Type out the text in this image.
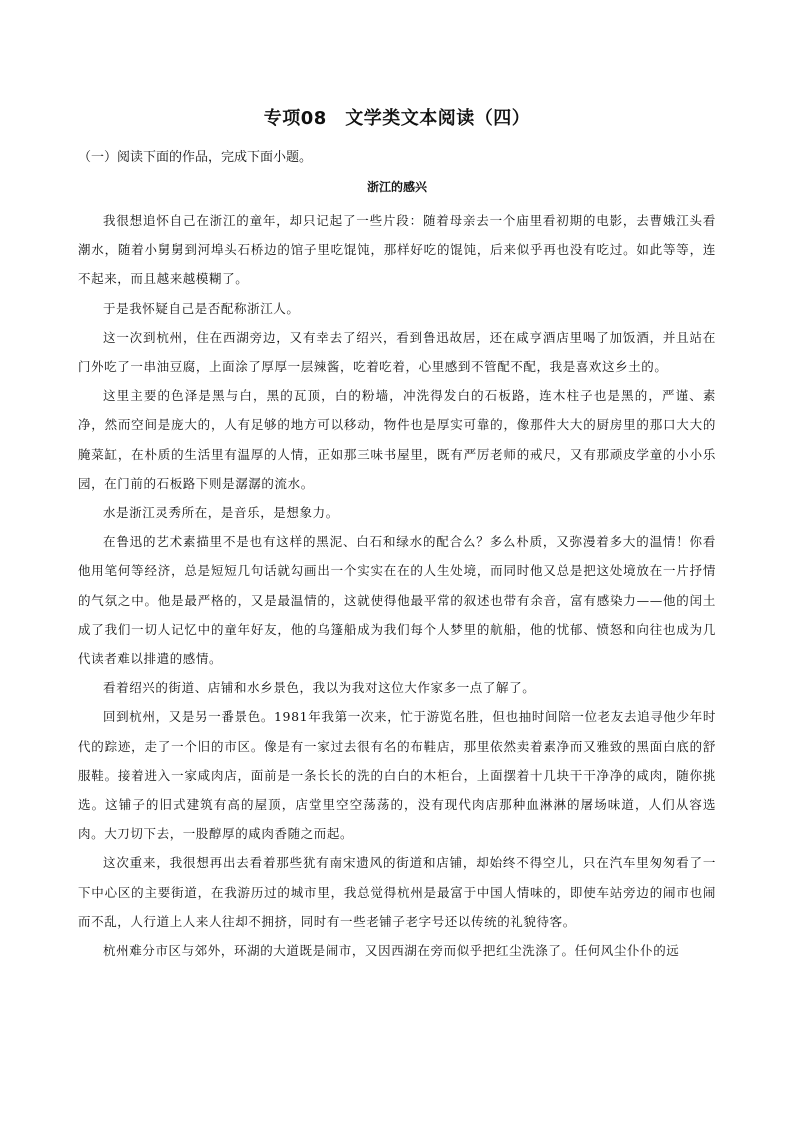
专项08　文学类文本阅读（四）

（一）阅读下面的作品，完成下面小题。

浙江的感兴

我很想追怀自己在浙江的童年，却只记起了一些片段：随着母亲去一个庙里看初期的电影，去曹娥江头看潮水，随着小舅舅到河埠头石桥边的馆子里吃馄饨，那样好吃的馄饨，后来似乎再也没有吃过。如此等等，连不起来，而且越来越模糊了。

于是我怀疑自己是否配称浙江人。

这一次到杭州，住在西湖旁边，又有幸去了绍兴，看到鲁迅故居，还在咸亨酒店里喝了加饭酒，并且站在门外吃了一串油豆腐，上面涂了厚厚一层辣酱，吃着吃着，心里感到不管配不配，我是喜欢这乡土的。

这里主要的色泽是黑与白，黑的瓦顶，白的粉墙，冲洗得发白的石板路，连木柱子也是黑的，严谨、素净，然而空间是庞大的，人有足够的地方可以移动，物件也是厚实可靠的，像那件大大的厨房里的那口大大的腌菜缸，在朴质的生活里有温厚的人情，正如那三味书屋里，既有严厉老师的戒尺，又有那顽皮学童的小小乐园，在门前的石板路下则是潺潺的流水。

水是浙江灵秀所在，是音乐，是想象力。

在鲁迅的艺术素描里不是也有这样的黑泥、白石和绿水的配合么？多么朴质，又弥漫着多大的温情！你看他用笔何等经济，总是短短几句话就勾画出一个实实在在的人生处境，而同时他又总是把这处境放在一片抒情的气氛之中。他是最严格的，又是最温情的，这就使得他最平常的叙述也带有余音，富有感染力——他的闰土成了我们一切人记忆中的童年好友，他的乌篷船成为我们每个人梦里的航船，他的忧郁、愤怒和向往也成为几代读者难以排遣的感情。

看着绍兴的街道、店铺和水乡景色，我以为我对这位大作家多一点了解了。

回到杭州，又是另一番景色。1981年我第一次来，忙于游览名胜，但也抽时间陪一位老友去追寻他少年时代的踪迹，走了一个旧的市区。像是有一家过去很有名的布鞋店，那里依然卖着素净而又雅致的黑面白底的舒服鞋。接着进入一家咸肉店，面前是一条长长的洗的白白的木柜台，上面摆着十几块干干净净的咸肉，随你挑选。这铺子的旧式建筑有高的屋顶，店堂里空空荡荡的，没有现代肉店那种血淋淋的屠场味道，人们从容选肉。大刀切下去，一股醇厚的咸肉香随之而起。

这次重来，我很想再出去看着那些犹有南宋遗风的街道和店铺，却始终不得空儿，只在汽车里匆匆看了一下中心区的主要街道，在我游历过的城市里，我总觉得杭州是最富于中国人情味的，即使车站旁边的闹市也闹而不乱，人行道上人来人往却不拥挤，同时有一些老铺子老字号还以传统的礼貌待客。

杭州难分市区与郊外，环湖的大道既是闹市，又因西湖在旁而似乎把红尘洗涤了。任何风尘仆仆的远
